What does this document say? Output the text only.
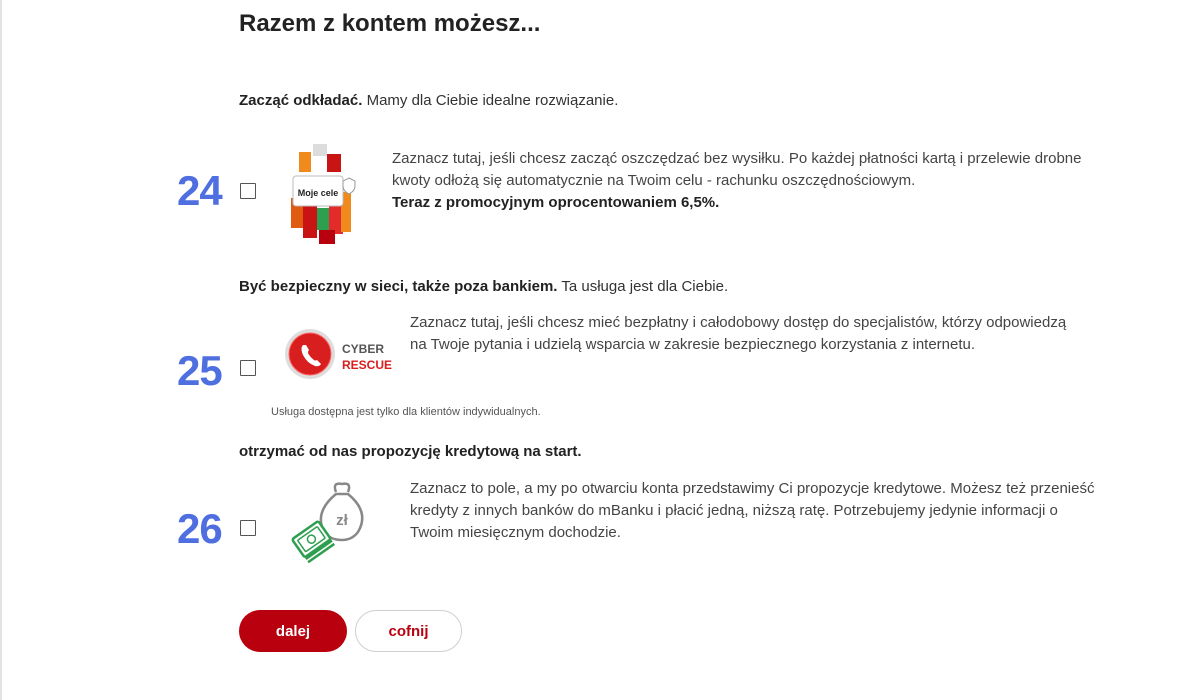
Razem z kontem możesz...
Zacząć odkładać. Mamy dla Ciebie idealne rozwiązanie.
24	Moje cele
Zaznacz tutaj, jeśli chcesz zacząć oszczędzać bez wysiłku. Po każdej płatności kartą i przelewie drobne kwoty odłożą się automatycznie na Twoim celu - rachunku oszczędnościowym.
Teraz z promocyjnym oprocentowaniem 6,5%.
Być bezpieczny w sieci, także poza bankiem. Ta usługa jest dla Ciebie.
25	CYBER
RESCUE
Zaznacz tutaj, jeśli chcesz mieć bezpłatny i całodobowy dostęp do specjalistów, którzy odpowiedzą na Twoje pytania i udzielą wsparcia w zakresie bezpiecznego korzystania z internetu.
Usługa dostępna jest tylko dla klientów indywidualnych.
otrzymać od nas propozycję kredytową na start.
26	zł
Zaznacz to pole, a my po otwarciu konta przedstawimy Ci propozycje kredytowe. Możesz też przenieść kredyty z innych banków do mBanku i płacić jedną, niższą ratę. Potrzebujemy jedynie informacji o Twoim miesięcznym dochodzie.
dalej	cofnij
